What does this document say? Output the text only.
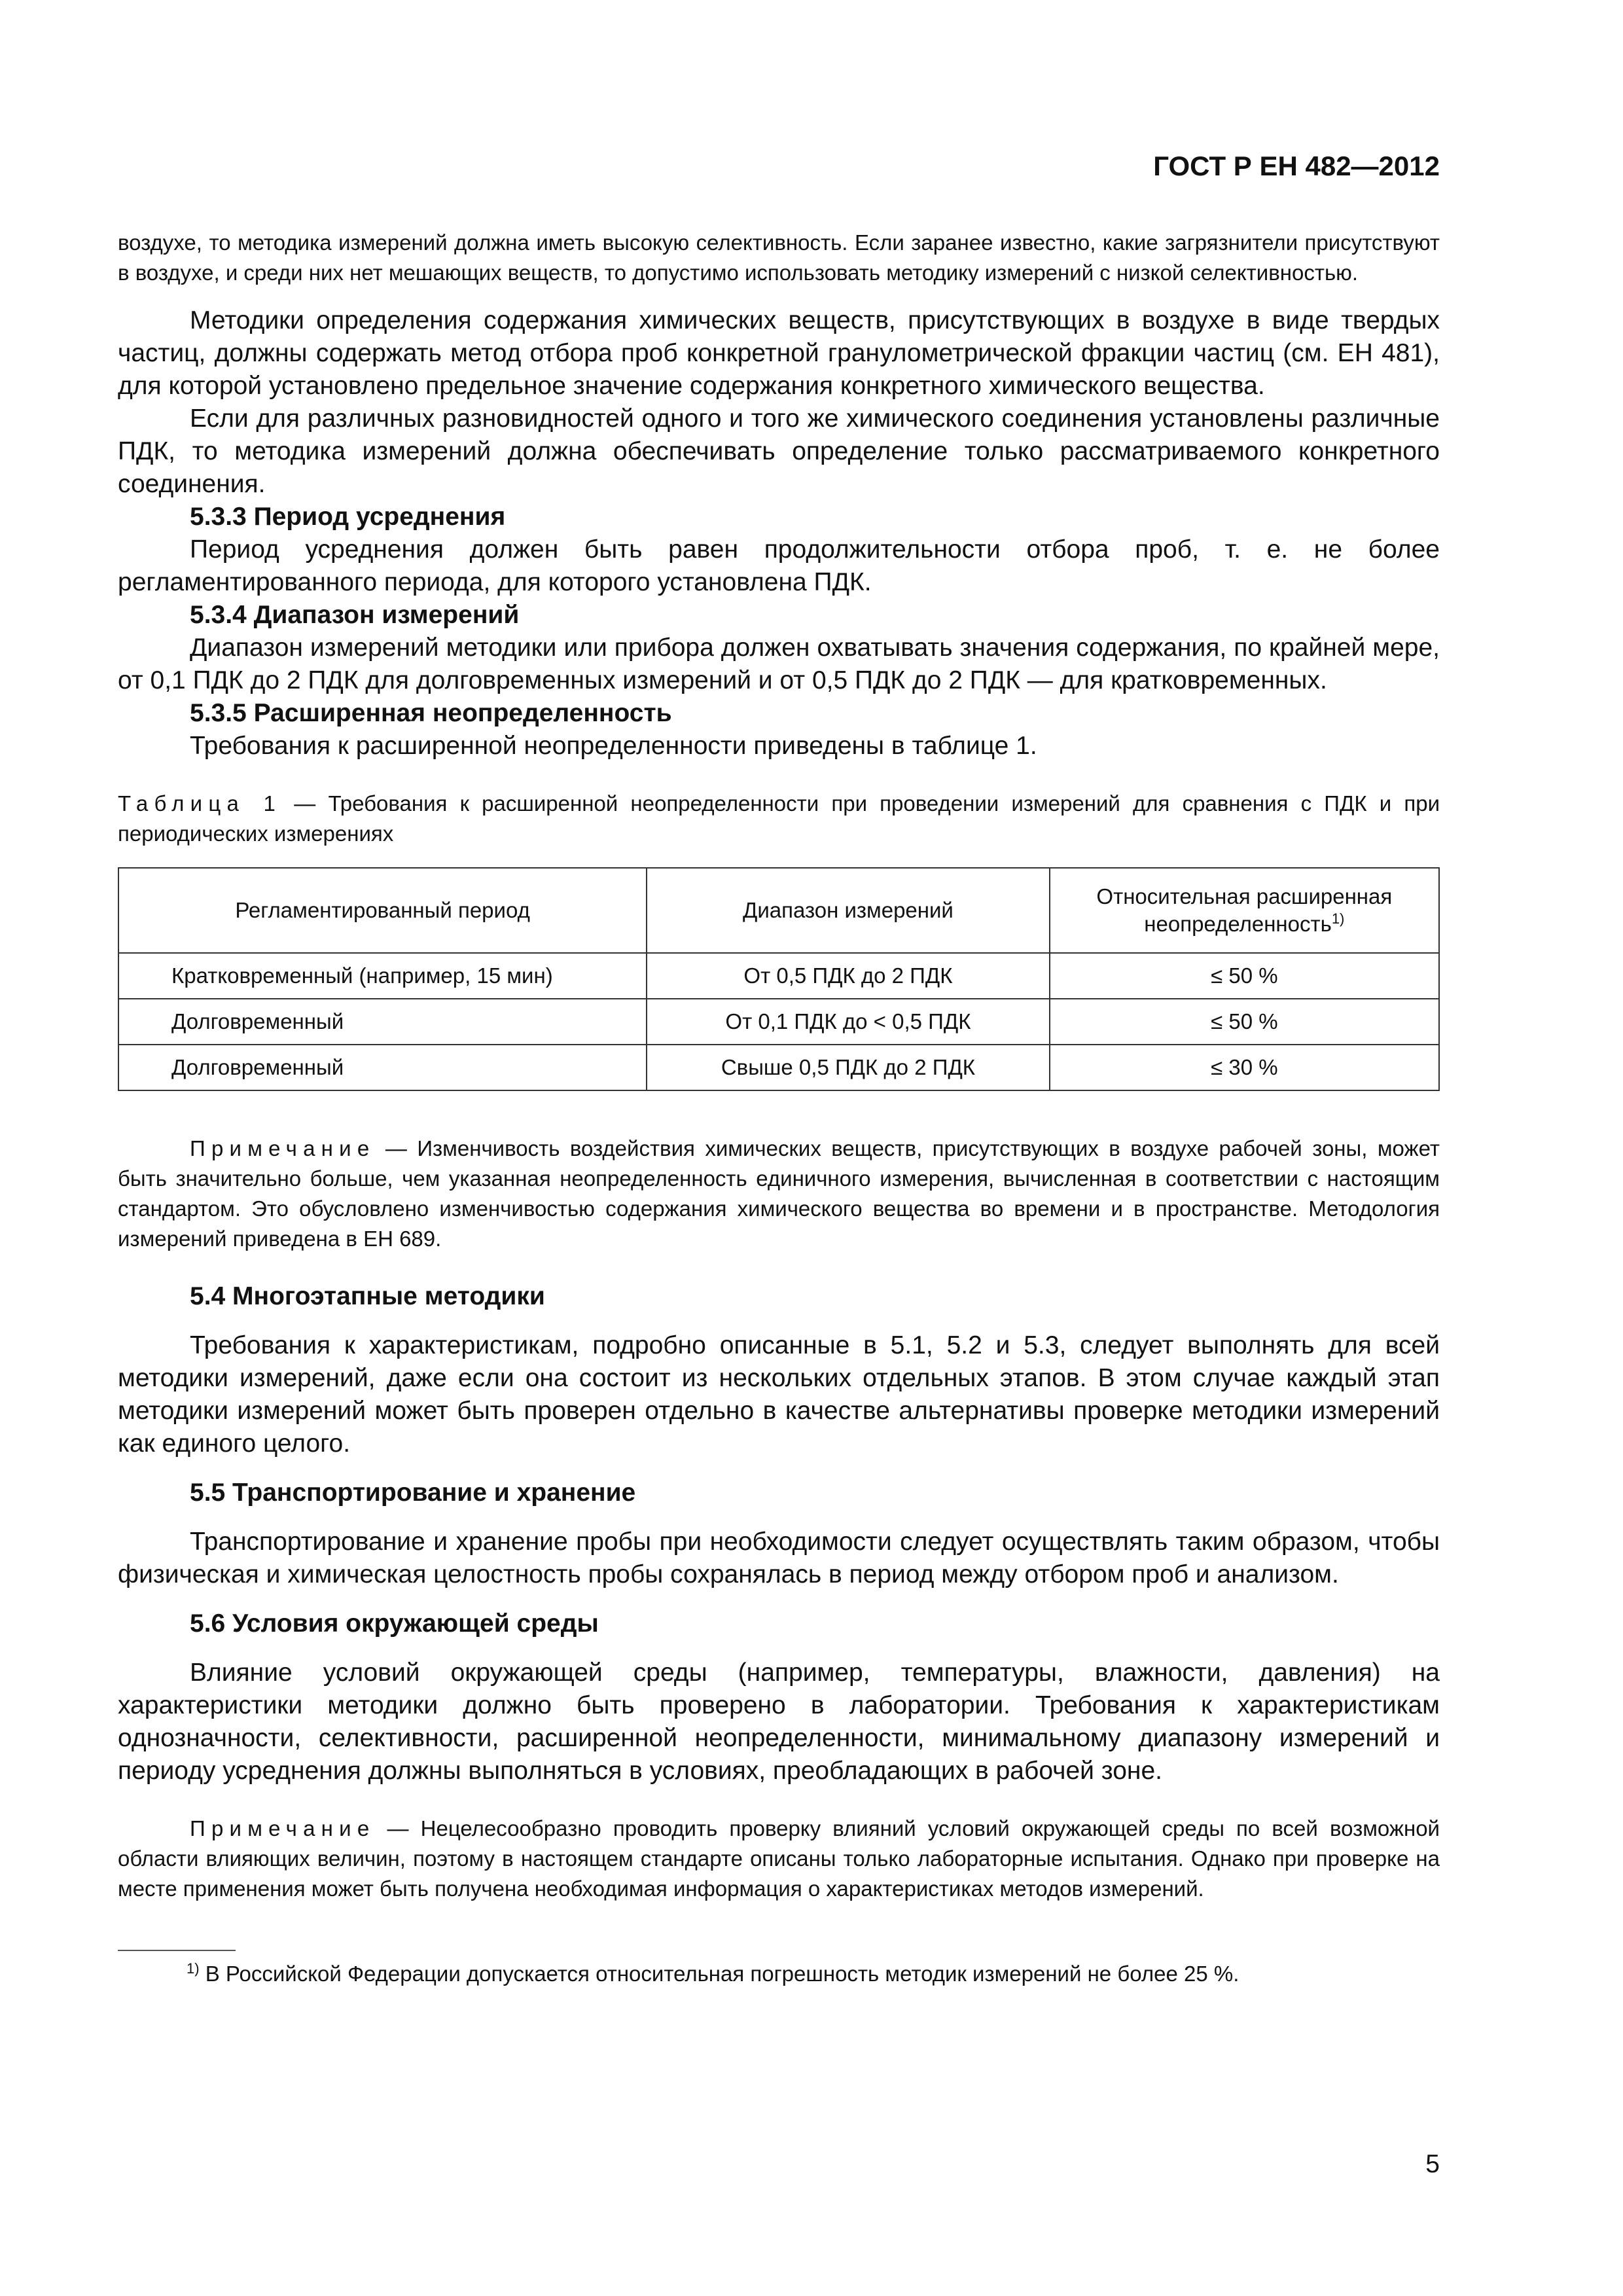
ГОСТ Р ЕН 482—2012

воздухе, то методика измерений должна иметь высокую селективность. Если заранее известно, какие загрязнители присутствуют в воздухе, и среди них нет мешающих веществ, то допустимо использовать методику измерений с низкой селективностью.

Методики определения содержания химических веществ, присутствующих в воздухе в виде твердых частиц, должны содержать метод отбора проб конкретной гранулометрической фракции частиц (см. ЕН 481), для которой установлено предельное значение содержания конкретного химического вещества.

Если для различных разновидностей одного и того же химического соединения установлены различные ПДК, то методика измерений должна обеспечивать определение только рассматриваемого конкретного соединения.

5.3.3 Период усреднения

Период усреднения должен быть равен продолжительности отбора проб, т. е. не более регламентированного периода, для которого установлена ПДК.

5.3.4 Диапазон измерений

Диапазон измерений методики или прибора должен охватывать значения содержания, по крайней мере, от 0,1 ПДК до 2 ПДК для долговременных измерений и от 0,5 ПДК до 2 ПДК — для кратковременных.

5.3.5 Расширенная неопределенность

Требования к расширенной неопределенности приведены в таблице 1.

Таблица 1 — Требования к расширенной неопределенности при проведении измерений для сравнения с ПДК и при периодических измерениях

Регламентированный период	Диапазон измерений	Относительная расширенная неопределенность$^{1)}$
Кратковременный (например, 15 мин)	От 0,5 ПДК до 2 ПДК	≤ 50 %
Долговременный	От 0,1 ПДК до < 0,5 ПДК	≤ 50 %
Долговременный	Свыше 0,5 ПДК до 2 ПДК	≤ 30 %

Примечание — Изменчивость воздействия химических веществ, присутствующих в воздухе рабочей зоны, может быть значительно больше, чем указанная неопределенность единичного измерения, вычисленная в соответствии с настоящим стандартом. Это обусловлено изменчивостью содержания химического вещества во времени и в пространстве. Методология измерений приведена в ЕН 689.

5.4 Многоэтапные методики

Требования к характеристикам, подробно описанные в 5.1, 5.2 и 5.3, следует выполнять для всей методики измерений, даже если она состоит из нескольких отдельных этапов. В этом случае каждый этап методики измерений может быть проверен отдельно в качестве альтернативы проверке методики измерений как единого целого.

5.5 Транспортирование и хранение

Транспортирование и хранение пробы при необходимости следует осуществлять таким образом, чтобы физическая и химическая целостность пробы сохранялась в период между отбором проб и анализом.

5.6 Условия окружающей среды

Влияние условий окружающей среды (например, температуры, влажности, давления) на характеристики методики должно быть проверено в лаборатории. Требования к характеристикам однозначности, селективности, расширенной неопределенности, минимальному диапазону измерений и периоду усреднения должны выполняться в условиях, преобладающих в рабочей зоне.

Примечание — Нецелесообразно проводить проверку влияний условий окружающей среды по всей возможной области влияющих величин, поэтому в настоящем стандарте описаны только лабораторные испытания. Однако при проверке на месте применения может быть получена необходимая информация о характеристиках методов измерений.

$^{1)}$ В Российской Федерации допускается относительная погрешность методик измерений не более 25 %.

5
